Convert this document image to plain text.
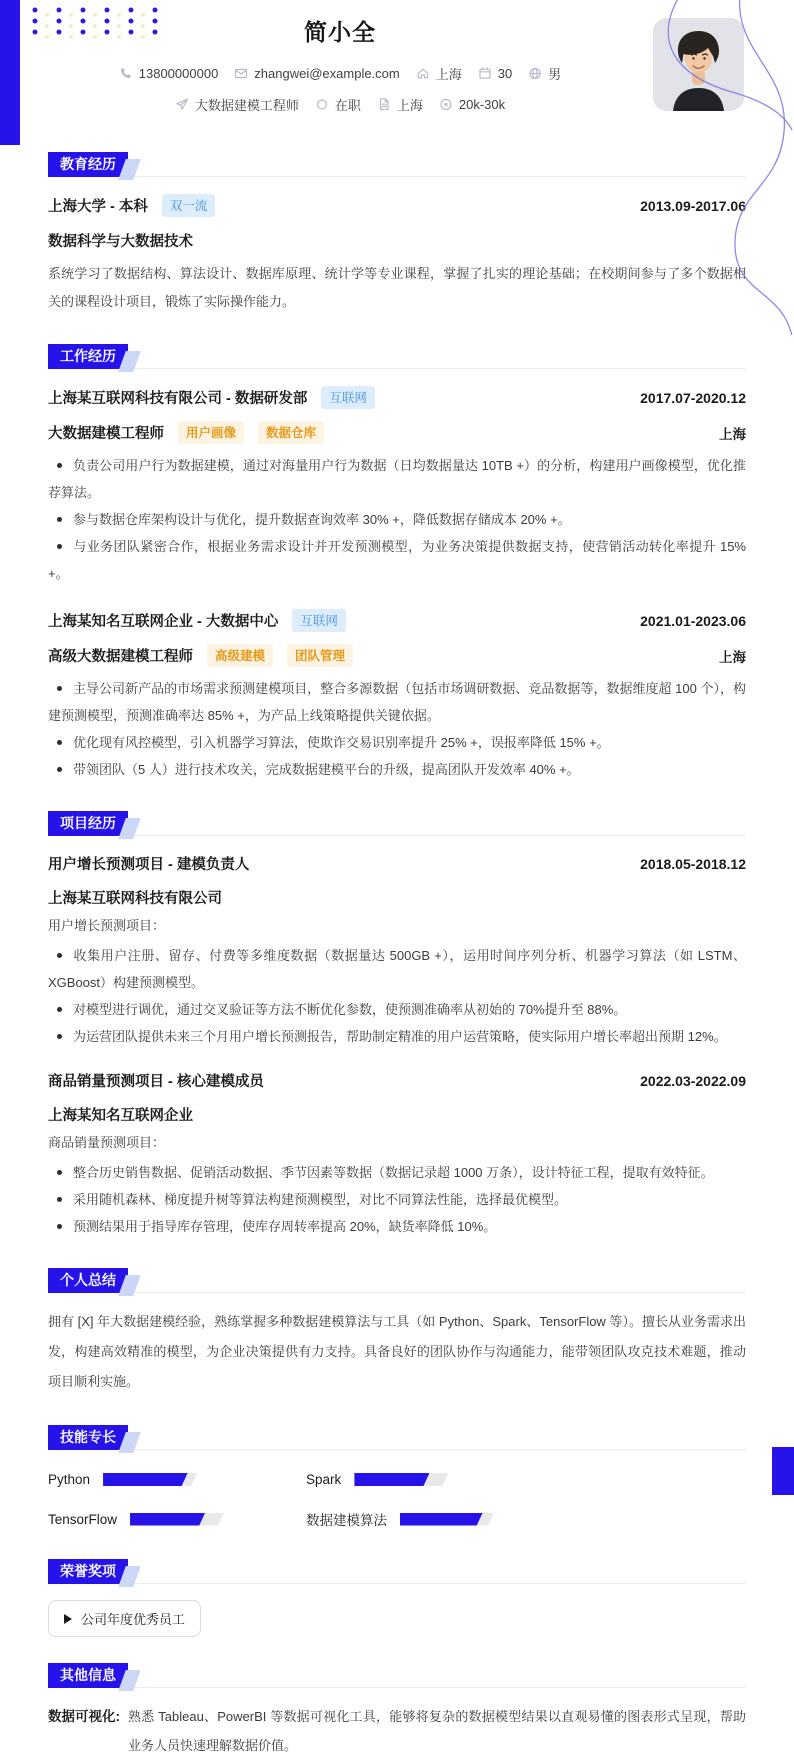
简小全
13800000000	zhangwei@example.com	上海	30	男
大数据建模工程师	在职	上海	20k-30k
教育经历
上海大学 - 本科	双一流	2013.09-2017.06
数据科学与大数据技术
系统学习了数据结构、算法设计、数据库原理、统计学等专业课程，掌握了扎实的理论基础；在校期间参与了多个数据相关的课程设计项目，锻炼了实际操作能力。
工作经历
上海某互联网科技有限公司 - 数据研发部	互联网	2017.07-2020.12
大数据建模工程师	用户画像	数据仓库	上海
负责公司用户行为数据建模，通过对海量用户行为数据（日均数据量达 10TB +）的分析，构建用户画像模型，优化推荐算法。
参与数据仓库架构设计与优化，提升数据查询效率 30% +，降低数据存储成本 20% +。
与业务团队紧密合作，根据业务需求设计并开发预测模型，为业务决策提供数据支持，使营销活动转化率提升 15% +。
上海某知名互联网企业 - 大数据中心	互联网	2021.01-2023.06
高级大数据建模工程师	高级建模	团队管理	上海
主导公司新产品的市场需求预测建模项目，整合多源数据（包括市场调研数据、竞品数据等，数据维度超 100 个），构建预测模型，预测准确率达 85% +，为产品上线策略提供关键依据。
优化现有风控模型，引入机器学习算法，使欺诈交易识别率提升 25% +，误报率降低 15% +。
带领团队（5 人）进行技术攻关，完成数据建模平台的升级，提高团队开发效率 40% +。
项目经历
用户增长预测项目 - 建模负责人	2018.05-2018.12
上海某互联网科技有限公司
用户增长预测项目：
收集用户注册、留存、付费等多维度数据（数据量达 500GB +），运用时间序列分析、机器学习算法（如 LSTM、XGBoost）构建预测模型。
对模型进行调优，通过交叉验证等方法不断优化参数，使预测准确率从初始的 70%提升至 88%。
为运营团队提供未来三个月用户增长预测报告，帮助制定精准的用户运营策略，使实际用户增长率超出预期 12%。
商品销量预测项目 - 核心建模成员	2022.03-2022.09
上海某知名互联网企业
商品销量预测项目：
整合历史销售数据、促销活动数据、季节因素等数据（数据记录超 1000 万条），设计特征工程，提取有效特征。
采用随机森林、梯度提升树等算法构建预测模型，对比不同算法性能，选择最优模型。
预测结果用于指导库存管理，使库存周转率提高 20%，缺货率降低 10%。
个人总结
拥有 [X] 年大数据建模经验，熟练掌握多种数据建模算法与工具（如 Python、Spark、TensorFlow 等）。擅长从业务需求出发，构建高效精准的模型，为企业决策提供有力支持。具备良好的团队协作与沟通能力，能带领团队攻克技术难题，推动项目顺利实施。
技能专长
Python	Spark
TensorFlow	数据建模算法
荣誉奖项
公司年度优秀员工
其他信息
数据可视化: 熟悉 Tableau、PowerBI 等数据可视化工具，能够将复杂的数据模型结果以直观易懂的图表形式呈现，帮助业务人员快速理解数据价值。
